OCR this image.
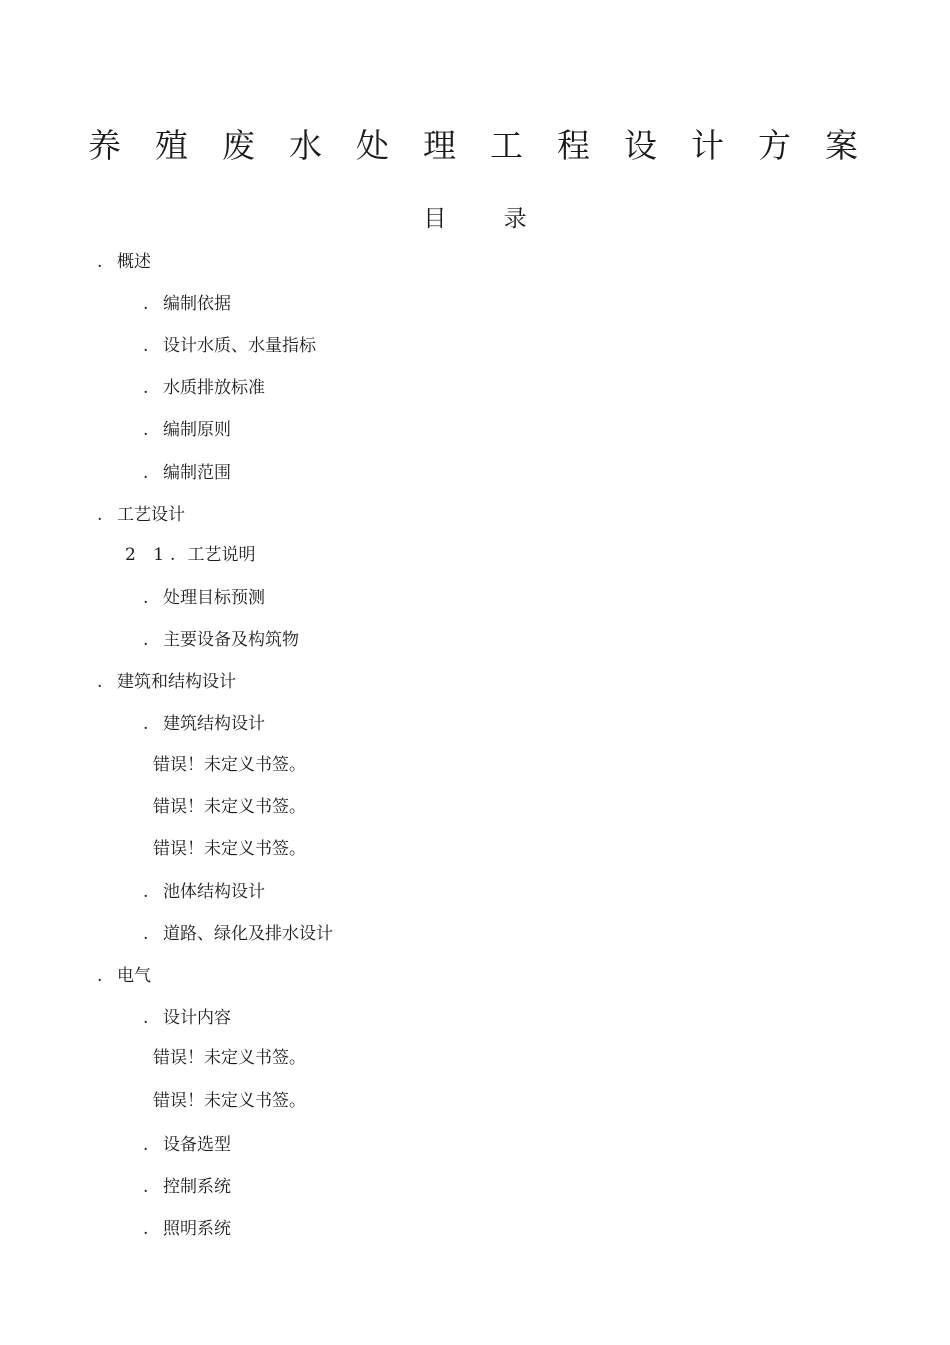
养 殖 废 水 处 理 工 程 设 计 方 案
目 录
. 概述
. 编制依据
. 设计水质、水量指标
. 水质排放标准
. 编制原则
. 编制范围
. 工艺设计
2 1. 工艺说明
. 处理目标预测
. 主要设备及构筑物
. 建筑和结构设计
. 建筑结构设计
错误！未定义书签。
错误！未定义书签。
错误！未定义书签。
. 池体结构设计
. 道路、绿化及排水设计
. 电气
. 设计内容
错误！未定义书签。
错误！未定义书签。
. 设备选型
. 控制系统
. 照明系统
